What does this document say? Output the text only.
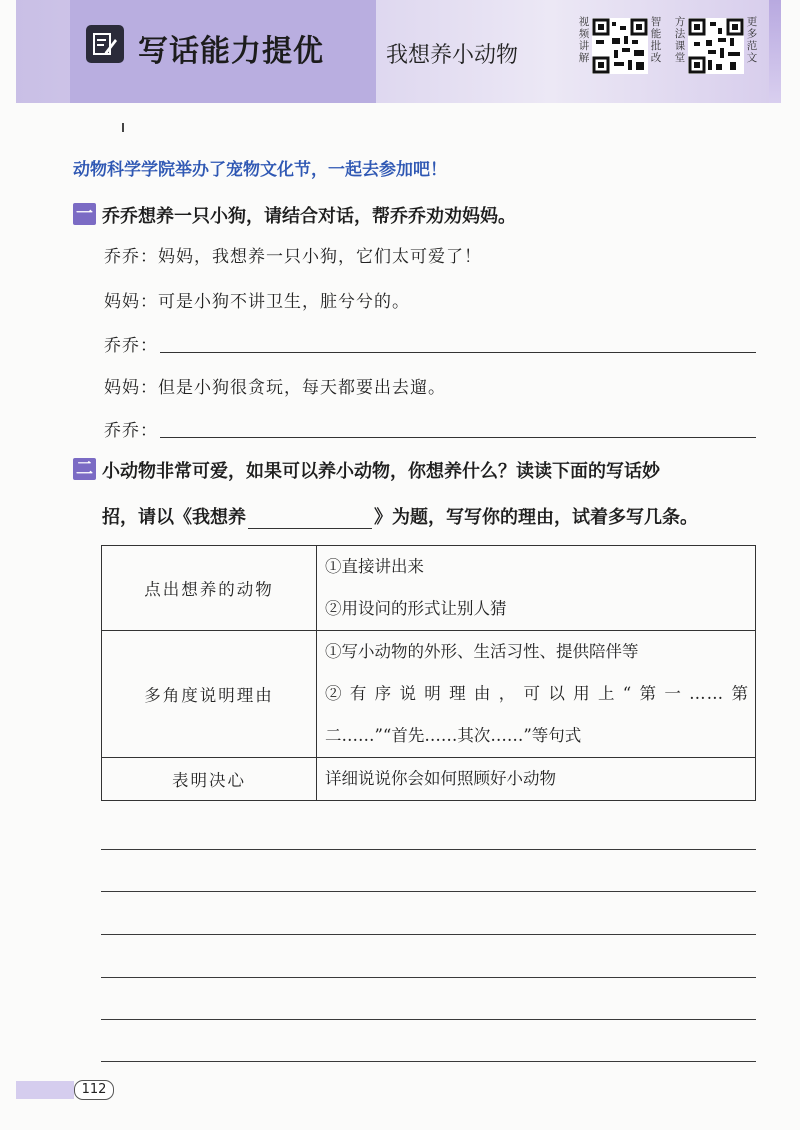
写话能力提优	我想养小动物
视频讲解
智能批改
方法课堂
更多范文
动物科学学院举办了宠物文化节，一起去参加吧！
一 乔乔想养一只小狗，请结合对话，帮乔乔劝劝妈妈。
乔乔：妈妈，我想养一只小狗，它们太可爱了！
妈妈：可是小狗不讲卫生，脏兮兮的。
乔乔：
妈妈：但是小狗很贪玩，每天都要出去遛。
乔乔：
二 小动物非常可爱，如果可以养小动物，你想养什么？读读下面的写话妙
招，请以《我想养	》为题，写写你的理由，试着多写几条。
点出想养的动物	①直接讲出来
②用设问的形式让别人猜

多角度说明理由	①写小动物的外形、生活习性、提供陪伴等
②有序说明理由，可以用上“第一……第
二……”“首先……其次……”等句式

表明决心	详细说说你会如何照顾好小动物
112
